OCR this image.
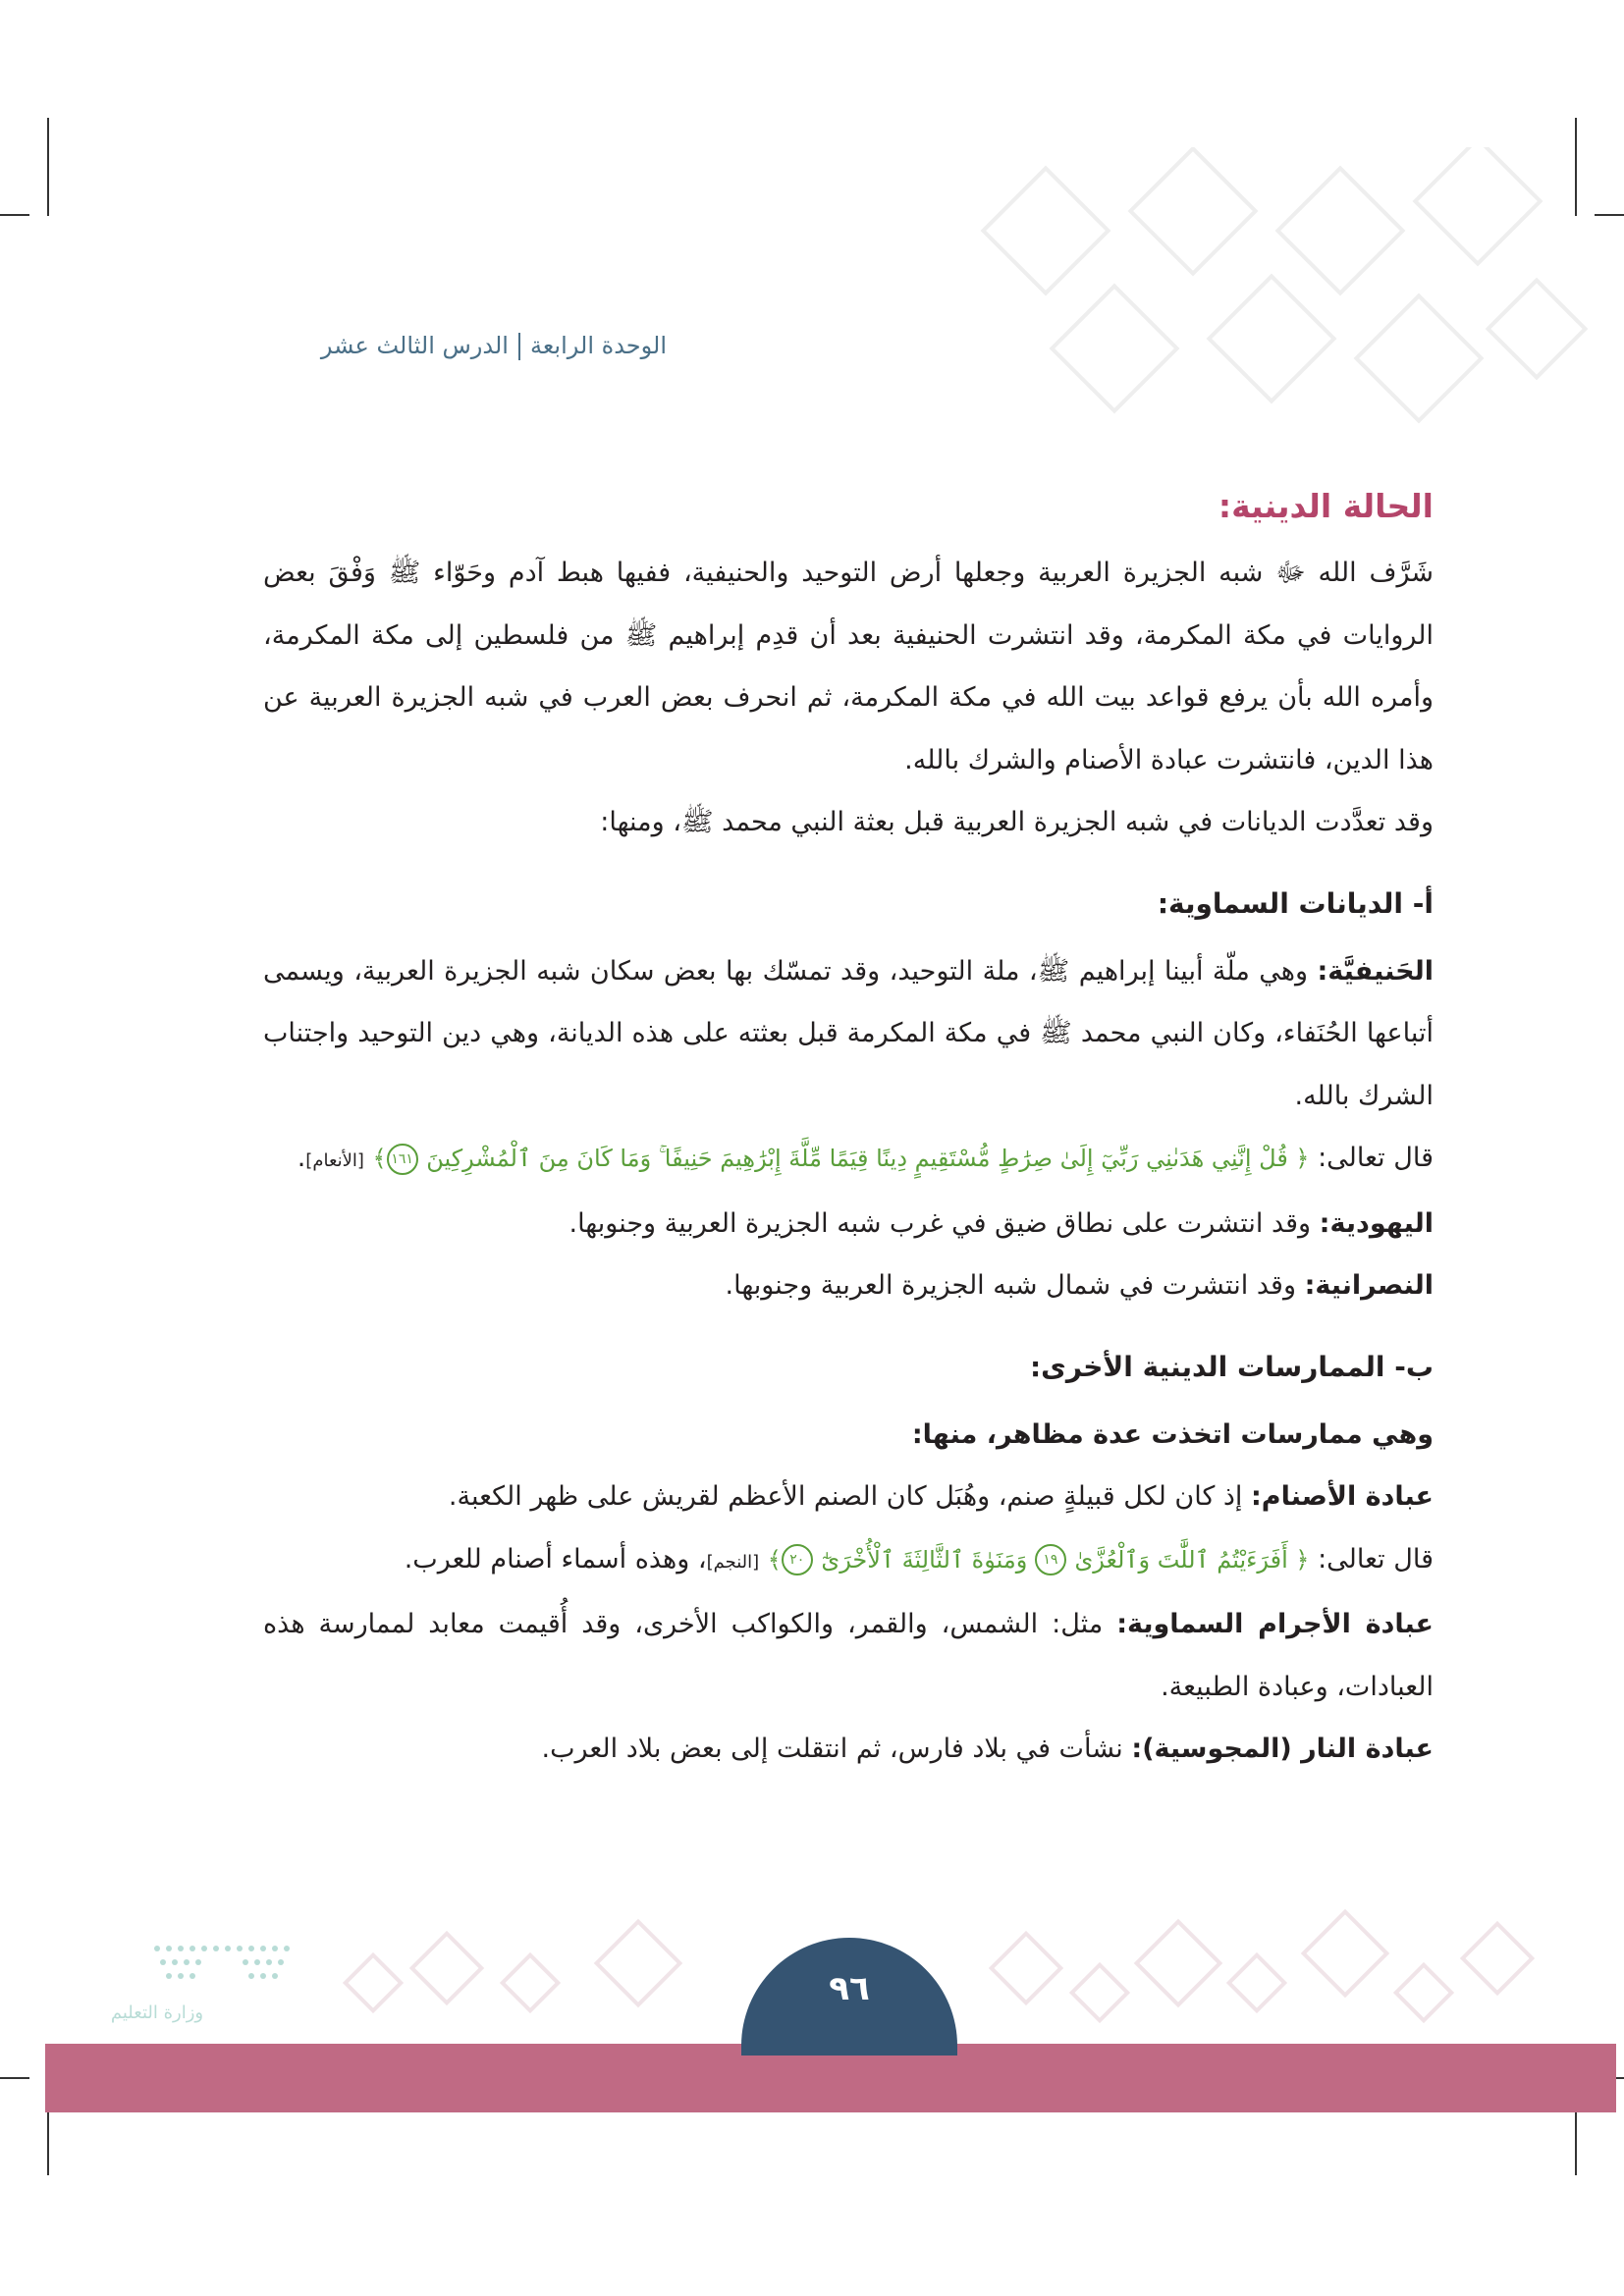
الوحدة الرابعةالدرس الثالث عشر

الحالة الدينية:

شَرَّف الله ﷻ شبه الجزيرة العربية وجعلها أرض التوحيد والحنيفية، ففيها هبط آدم وحَوّاء ﷺ وَفْقَ بعض الروايات في مكة المكرمة، وقد انتشرت الحنيفية بعد أن قدِم إبراهيم ﷺ من فلسطين إلى مكة المكرمة، وأمره الله بأن يرفع قواعد بيت الله في مكة المكرمة، ثم انحرف بعض العرب في شبه الجزيرة العربية عن هذا الدين، فانتشرت عبادة الأصنام والشرك بالله.

وقد تعدَّدت الديانات في شبه الجزيرة العربية قبل بعثة النبي محمد ﷺ، ومنها:

أ- الديانات السماوية:

الحَنيفيَّة: وهي ملّة أبينا إبراهيم ﷺ، ملة التوحيد، وقد تمسّك بها بعض سكان شبه الجزيرة العربية، ويسمى أتباعها الحُنَفاء، وكان النبي محمد ﷺ في مكة المكرمة قبل بعثته على هذه الديانة، وهي دين التوحيد واجتناب الشرك بالله.

قال تعالى: ﴿ قُلْ إِنَّنِي هَدَىٰنِي رَبِّيٓ إِلَىٰ صِرَٰطٍ مُّسْتَقِيمٍ دِينًا قِيَمًا مِّلَّةَ إِبْرَٰهِيمَ حَنِيفًا ۚ وَمَا كَانَ مِنَ ٱلْمُشْرِكِينَ ١٦١﴾ [الأنعام].

اليهودية: وقد انتشرت على نطاق ضيق في غرب شبه الجزيرة العربية وجنوبها.

النصرانية: وقد انتشرت في شمال شبه الجزيرة العربية وجنوبها.

ب- الممارسات الدينية الأخرى:

وهي ممارسات اتخذت عدة مظاهر، منها:

عبادة الأصنام: إذ كان لكل قبيلةٍ صنم، وهُبَل كان الصنم الأعظم لقريش على ظهر الكعبة.

قال تعالى: ﴿ أَفَرَءَيْتُمُ ٱللَّٰتَ وَٱلْعُزَّىٰ ١٩ وَمَنَوٰةَ ٱلثَّالِثَةَ ٱلْأُخْرَىٰٓ ٢٠﴾ [النجم]، وهذه أسماء أصنام للعرب.

عبادة الأجرام السماوية: مثل: الشمس، والقمر، والكواكب الأخرى، وقد أُقيمت معابد لممارسة هذه العبادات، وعبادة الطبيعة.

عبادة النار (المجوسية): نشأت في بلاد فارس، ثم انتقلت إلى بعض بلاد العرب.

٩٦
وزارة التعليم
